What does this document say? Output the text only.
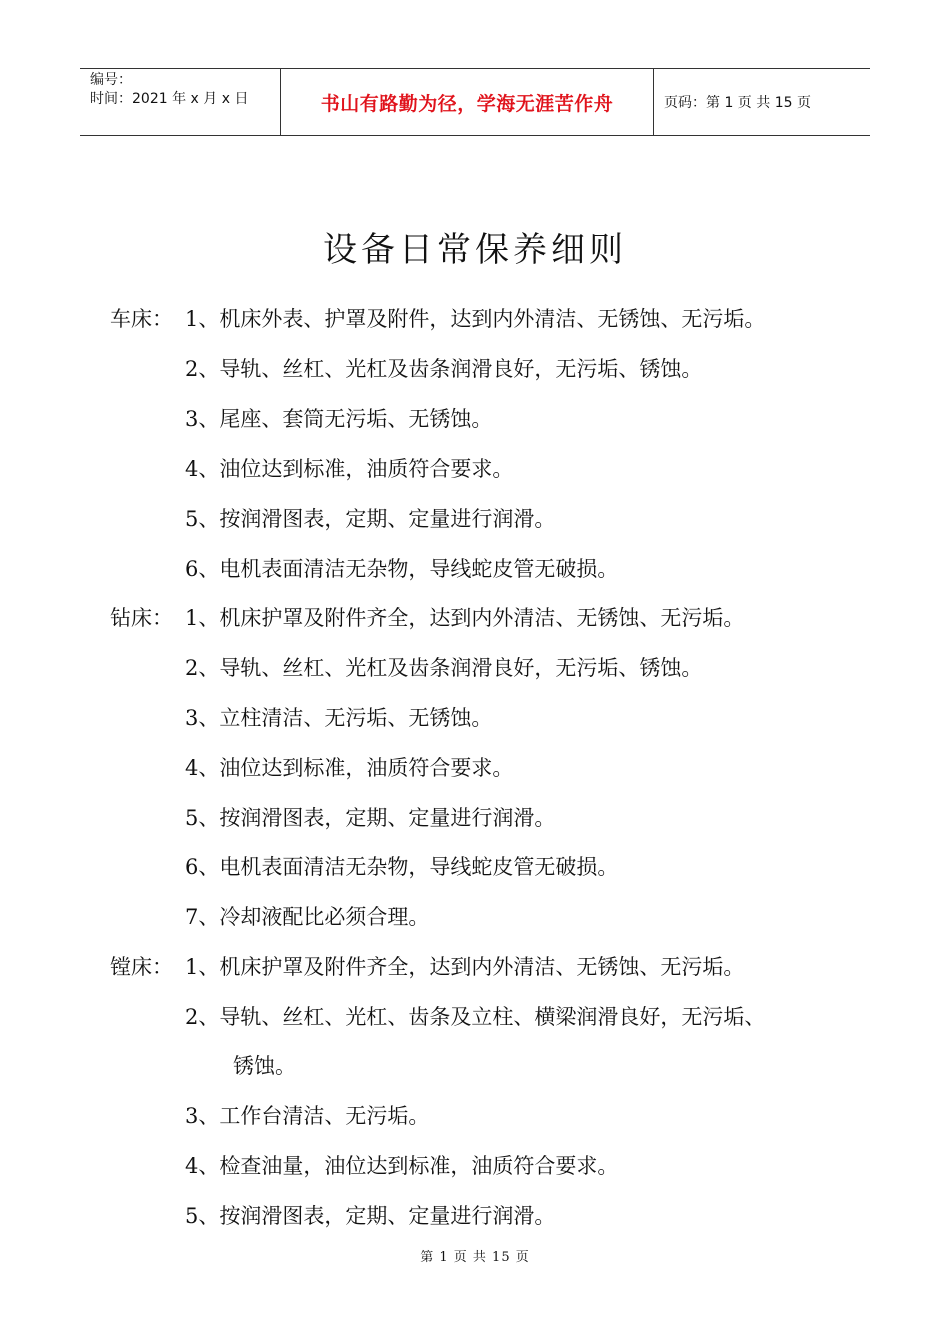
编号：
时间：2021 年 x 月 x 日	书山有路勤为径，学海无涯苦作舟	页码：第 1 页 共 15 页
设备日常保养细则
车床： 1、机床外表、护罩及附件，达到内外清洁、无锈蚀、无污垢。
2、导轨、丝杠、光杠及齿条润滑良好，无污垢、锈蚀。
3、尾座、套筒无污垢、无锈蚀。
4、油位达到标准，油质符合要求。
5、按润滑图表，定期、定量进行润滑。
6、电机表面清洁无杂物，导线蛇皮管无破损。
钻床： 1、机床护罩及附件齐全，达到内外清洁、无锈蚀、无污垢。
2、导轨、丝杠、光杠及齿条润滑良好，无污垢、锈蚀。
3、立柱清洁、无污垢、无锈蚀。
4、油位达到标准，油质符合要求。
5、按润滑图表，定期、定量进行润滑。
6、电机表面清洁无杂物，导线蛇皮管无破损。
7、冷却液配比必须合理。
镗床： 1、机床护罩及附件齐全，达到内外清洁、无锈蚀、无污垢。
2、导轨、丝杠、光杠、齿条及立柱、横梁润滑良好，无污垢、
锈蚀。
3、工作台清洁、无污垢。
4、检查油量，油位达到标准，油质符合要求。
5、按润滑图表，定期、定量进行润滑。
第 1 页 共 15 页
